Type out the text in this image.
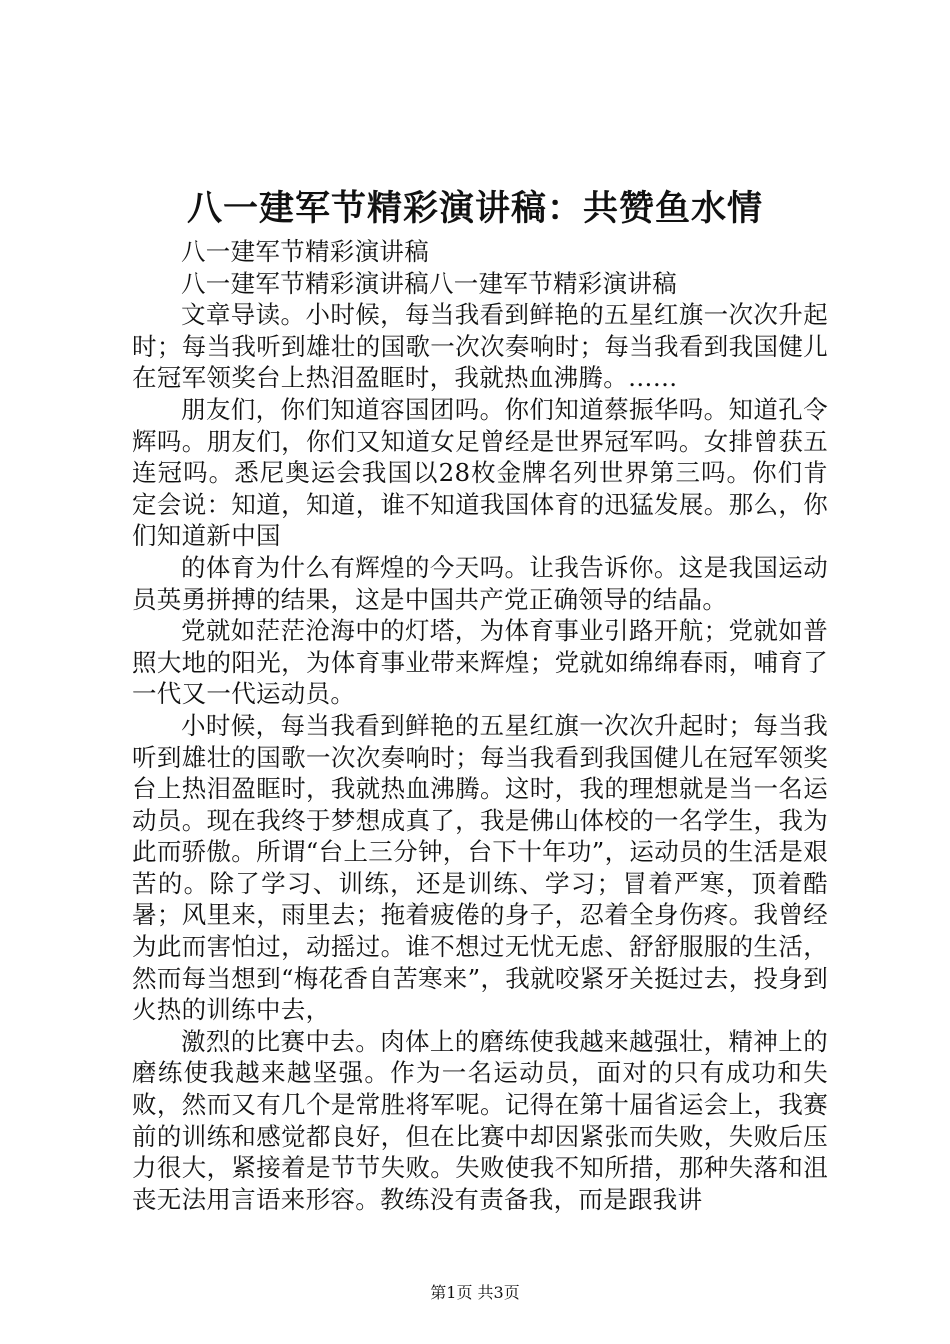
八一建军节精彩演讲稿：共赞鱼水情

八一建军节精彩演讲稿

八一建军节精彩演讲稿八一建军节精彩演讲稿

文章导读。小时候，每当我看到鲜艳的五星红旗一次次升起时；每当我听到雄壮的国歌一次次奏响时；每当我看到我国健儿在冠军领奖台上热泪盈眶时，我就热血沸腾。……

朋友们，你们知道容国团吗。你们知道蔡振华吗。知道孔令辉吗。朋友们，你们又知道女足曾经是世界冠军吗。女排曾获五连冠吗。悉尼奥运会我国以28枚金牌名列世界第三吗。你们肯定会说：知道，知道，谁不知道我国体育的迅猛发展。那么，你们知道新中国

的体育为什么有辉煌的今天吗。让我告诉你。这是我国运动员英勇拼搏的结果，这是中国共产党正确领导的结晶。

党就如茫茫沧海中的灯塔，为体育事业引路开航；党就如普照大地的阳光，为体育事业带来辉煌；党就如绵绵春雨，哺育了一代又一代运动员。

小时候，每当我看到鲜艳的五星红旗一次次升起时；每当我听到雄壮的国歌一次次奏响时；每当我看到我国健儿在冠军领奖台上热泪盈眶时，我就热血沸腾。这时，我的理想就是当一名运动员。现在我终于梦想成真了，我是佛山体校的一名学生，我为此而骄傲。所谓“台上三分钟，台下十年功”，运动员的生活是艰苦的。除了学习、训练，还是训练、学习；冒着严寒，顶着酷暑；风里来，雨里去；拖着疲倦的身子，忍着全身伤疼。我曾经为此而害怕过，动摇过。谁不想过无忧无虑、舒舒服服的生活，然而每当想到“梅花香自苦寒来”，我就咬紧牙关挺过去，投身到火热的训练中去，

激烈的比赛中去。肉体上的磨练使我越来越强壮，精神上的磨练使我越来越坚强。作为一名运动员，面对的只有成功和失败，然而又有几个是常胜将军呢。记得在第十届省运会上，我赛前的训练和感觉都良好，但在比赛中却因紧张而失败，失败后压力很大，紧接着是节节失败。失败使我不知所措，那种失落和沮丧无法用言语来形容。教练没有责备我，而是跟我讲

第1页 共3页
